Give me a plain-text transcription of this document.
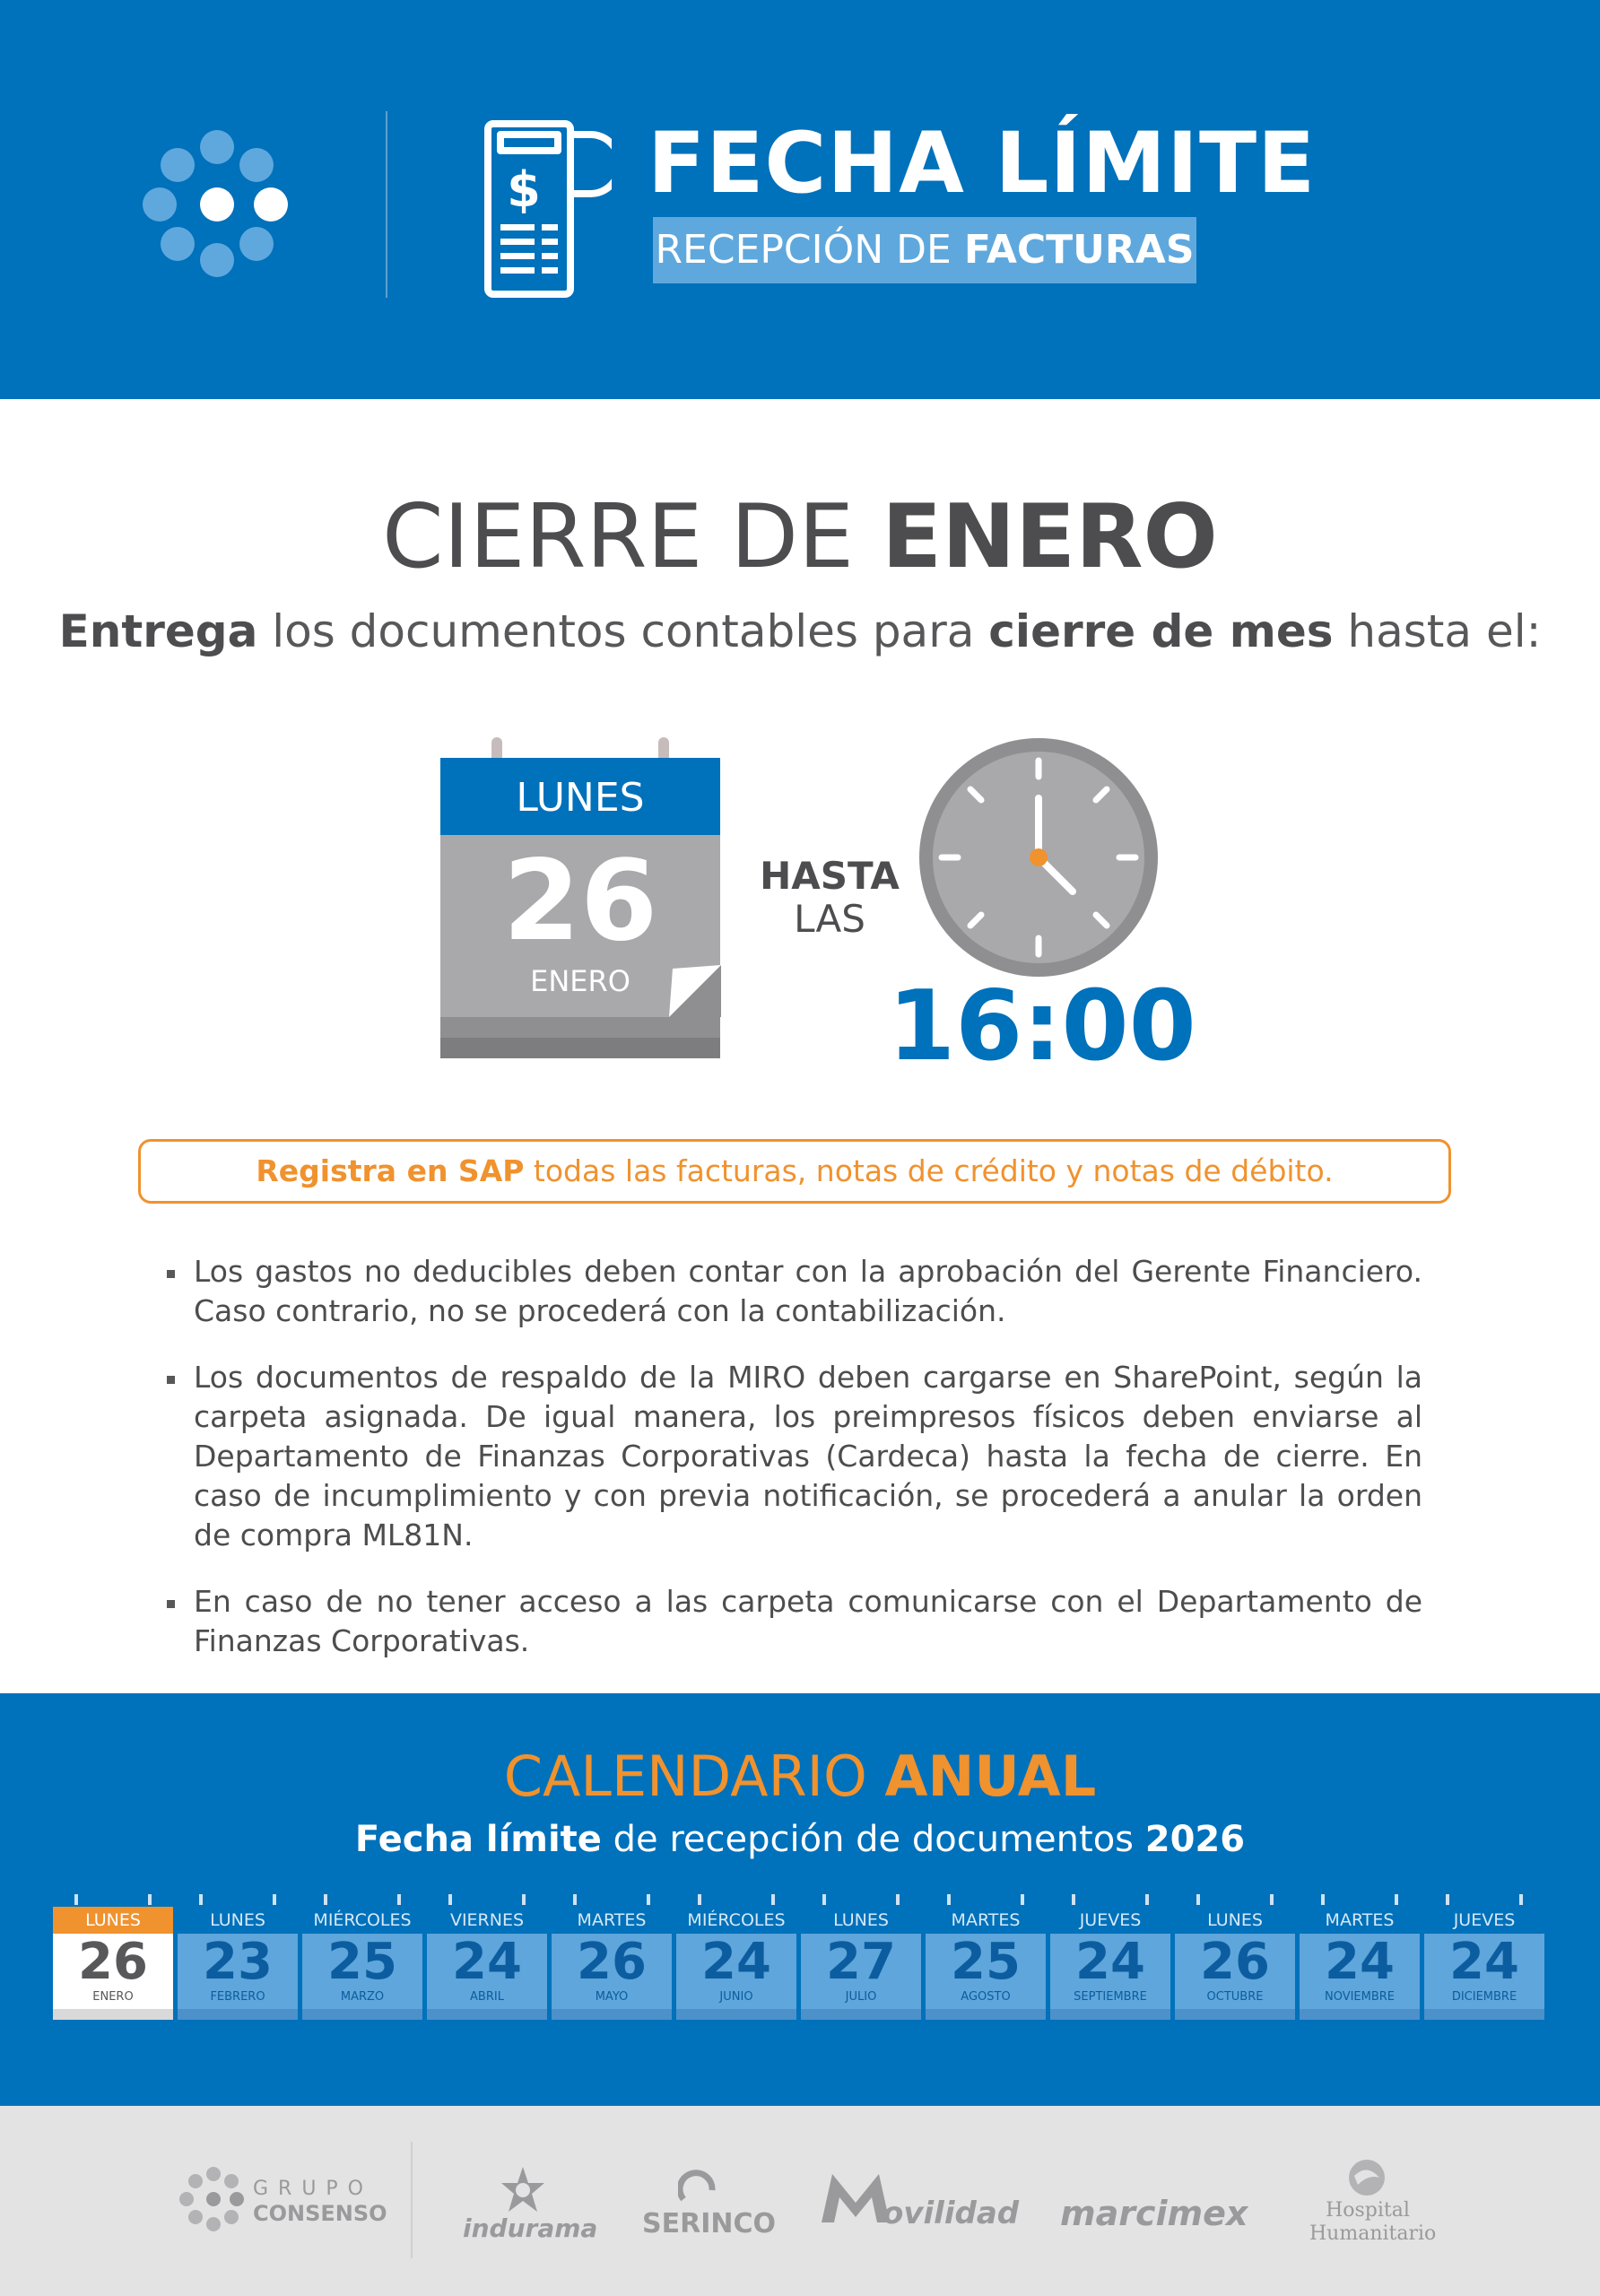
$ FECHA LÍMITE
RECEPCIÓN DE FACTURAS
CIERRE DE ENERO
Entrega los documentos contables para cierre de mes hasta el:
LUNES
26
ENERO
HASTA
LAS
16:00
Registra en SAP todas las facturas, notas de crédito y notas de débito.
Los gastos no deducibles deben contar con la aprobación del Gerente Financiero. Caso contrario, no se procederá con la contabilización.
Los documentos de respaldo de la MIRO deben cargarse en SharePoint, según la carpeta asignada. De igual manera, los preimpresos físicos deben enviarse al Departamento de Finanzas Corporativas (Cardeca) hasta la fecha de cierre. En caso de incumplimiento y con previa notificación, se procederá a anular la orden de compra ML81N.
En caso de no tener acceso a las carpeta comunicarse con el Departamento de Finanzas Corporativas.
CALENDARIO ANUAL
Fecha límite de recepción de documentos 2026
LUNES
26
ENERO
LUNES
23
FEBRERO
MIÉRCOLES
25
MARZO
VIERNES
24
ABRIL
MARTES
26
MAYO
MIÉRCOLES
24
JUNIO
LUNES
27
JULIO
MARTES
25
AGOSTO
JUEVES
24
SEPTIEMBRE
LUNES
26
OCTUBRE
MARTES
24
NOVIEMBRE
JUEVES
24
DICIEMBRE
G R U P O
CONSENSO	indurama SERINCO	ovilidad marcimex	Hospital
Humanitario
